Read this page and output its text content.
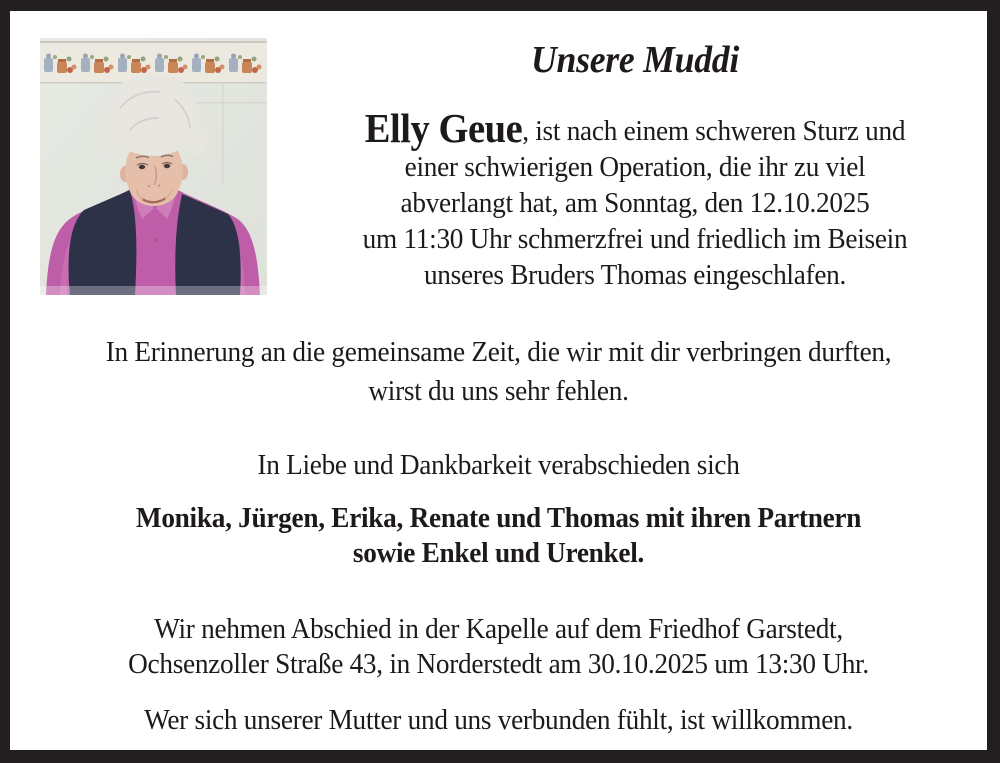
Unsere Muddi
Elly Geue, ist nach einem schweren Sturz und
einer schwierigen Operation, die ihr zu viel
abverlangt hat, am Sonntag, den 12.10.2025
um 11:30 Uhr schmerzfrei und friedlich im Beisein
unseres Bruders Thomas eingeschlafen.
In Erinnerung an die gemeinsame Zeit, die wir mit dir verbringen durften,
wirst du uns sehr fehlen.
In Liebe und Dankbarkeit verabschieden sich
Monika, Jürgen, Erika, Renate und Thomas mit ihren Partnern
sowie Enkel und Urenkel.
Wir nehmen Abschied in der Kapelle auf dem Friedhof Garstedt,
Ochsenzoller Straße 43, in Norderstedt am 30.10.2025 um 13:30 Uhr.
Wer sich unserer Mutter und uns verbunden fühlt, ist willkommen.
